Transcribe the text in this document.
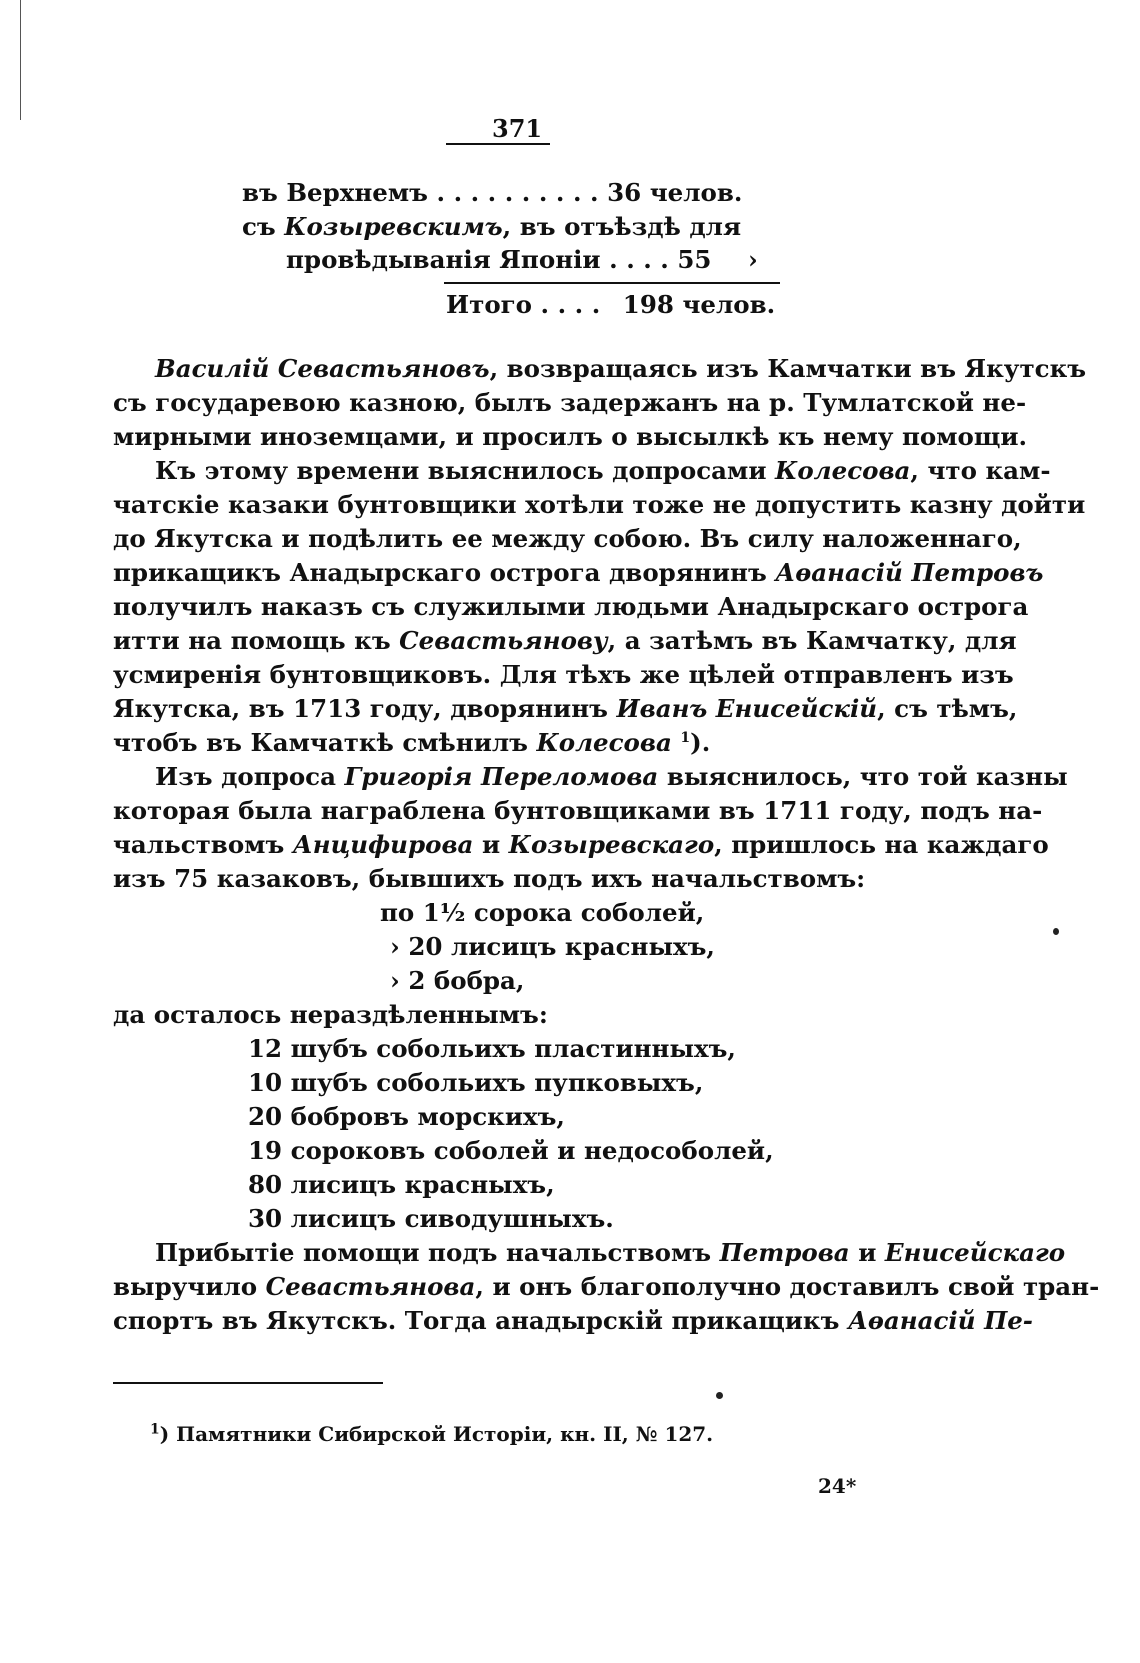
371
въ Верхнемъ . . . . . . . . . . 36 челов.
съ Козыревскимъ, въ отъѣздѣ для
провѣдыванія Японіи . . . . 55 ›
Итого . . . . 198 челов.
Василій Севастьяновъ, возвращаясь изъ Камчатки въ Якутскъ
съ государевою казною, былъ задержанъ на р. Тумлатской не-
мирными иноземцами, и просилъ о высылкѣ къ нему помощи.
Къ этому времени выяснилось допросами Колесова, что кам-
чатскіе казаки бунтовщики хотѣли тоже не допустить казну дойти
до Якутска и подѣлить ее между собою. Въ силу наложеннаго,
прикащикъ Анадырскаго острога дворянинъ Аѳанасій Петровъ
получилъ наказъ съ служилыми людьми Анадырскаго острога
итти на помощь къ Севастьянову, а затѣмъ въ Камчатку, для
усмиренія бунтовщиковъ. Для тѣхъ же цѣлей отправленъ изъ
Якутска, въ 1713 году, дворянинъ Иванъ Енисейскій, съ тѣмъ,
чтобъ въ Камчаткѣ смѣнилъ Колесова $^1$).
Изъ допроса Григорія Переломова выяснилось, что той казны
которая была награблена бунтовщиками въ 1711 году, подъ на-
чальствомъ Анцифирова и Козыревскаго, пришлось на каждаго
изъ 75 казаковъ, бывшихъ подъ ихъ начальствомъ:
по 1½ сорока соболей,
› 20 лисицъ красныхъ,
› 2 бобра,
да осталось нераздѣленнымъ:
12 шубъ собольихъ пластинныхъ,
10 шубъ собольихъ пупковыхъ,
20 бобровъ морскихъ,
19 сороковъ соболей и недособолей,
80 лисицъ красныхъ,
30 лисицъ сиводушныхъ.
Прибытіе помощи подъ начальствомъ Петрова и Енисейскаго
выручило Севастьянова, и онъ благополучно доставилъ свой тран-
спортъ въ Якутскъ. Тогда анадырскій прикащикъ Аѳанасій Пе-
$^1$) Памятники Сибирской Исторіи, кн. II, № 127.
24*
